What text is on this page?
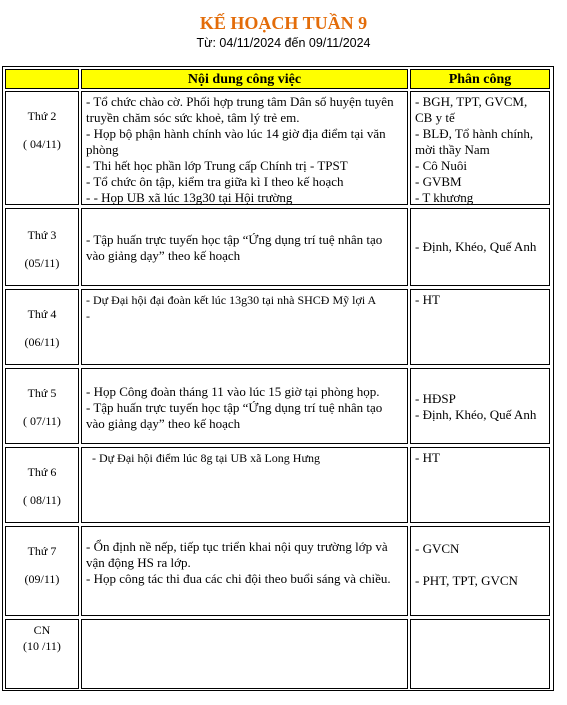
KẾ HOẠCH TUẦN 9
Từ: 04/11/2024 đến 09/11/2024
Nội dung công việc	Phân công
Thứ 2
( 04/11)
- Tổ chức chào cờ. Phối hợp trung tâm Dân số huyện tuyên truyền chăm sóc sức khoẻ, tâm lý trẻ em.
- Họp bộ phận hành chính vào lúc 14 giờ địa điểm tại văn phòng
- Thi hết học phần lớp Trung cấp Chính trị - TPST
- Tổ chức ôn tập, kiểm tra giữa kì I theo kế hoạch
- - Họp UB xã lúc 13g30 tại Hội trường
- BGH, TPT, GVCM, CB y tế
- BLĐ, Tổ hành chính, mời thầy Nam
- Cô Nuôi
- GVBM
- T khương
Thứ 3
(05/11)
- Tập huấn trực tuyến học tập “Ứng dụng trí tuệ nhân tạo vào giảng dạy” theo kế hoạch
- Định, Khéo, Quế Anh
Thứ 4
(06/11)
- Dự Đại hội đại đoàn kết lúc 13g30 tại nhà SHCĐ Mỹ lợi A
-
- HT
Thứ 5
( 07/11)
- Họp Công đoàn tháng 11 vào lúc 15 giờ tại phòng họp.
- Tập huấn trực tuyến học tập “Ứng dụng trí tuệ nhân tạo vào giảng dạy” theo kế hoạch
- HĐSP
- Định, Khéo, Quế Anh
Thứ 6
( 08/11)
- Dự Đại hội điểm lúc 8g tại UB xã Long Hưng	- HT
Thứ 7
(09/11)
- Ổn định nề nếp, tiếp tục triển khai nội quy trường lớp và vận động HS ra lớp.
- Họp công tác thi đua các chi đội theo buổi sáng và chiều.
- GVCN
- PHT, TPT, GVCN
CN
(10 /11)
